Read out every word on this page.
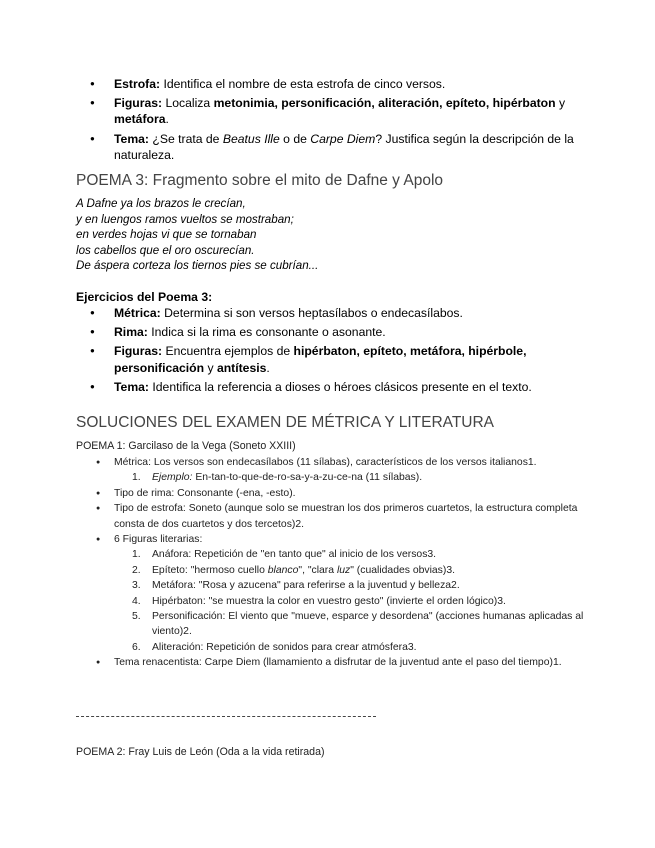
● Estrofa: Identifica el nombre de esta estrofa de cinco versos.
● Figuras: Localiza metonimia, personificación, aliteración, epíteto, hipérbaton y metáfora.
● Tema: ¿Se trata de Beatus Ille o de Carpe Diem? Justifica según la descripción de la naturaleza.
POEMA 3: Fragmento sobre el mito de Dafne y Apolo
A Dafne ya los brazos le crecían,
y en luengos ramos vueltos se mostraban;
en verdes hojas vi que se tornaban
los cabellos que el oro oscurecían.
De áspera corteza los tiernos pies se cubrían...

Ejercicios del Poema 3:

● Métrica: Determina si son versos heptasílabos o endecasílabos.
● Rima: Indica si la rima es consonante o asonante.
● Figuras: Encuentra ejemplos de hipérbaton, epíteto, metáfora, hipérbole, personificación y antítesis.
● Tema: Identifica la referencia a dioses o héroes clásicos presente en el texto.
SOLUCIONES DEL EXAMEN DE MÉTRICA Y LITERATURA
POEMA 1: Garcilaso de la Vega (Soneto XXIII)
● Métrica: Los versos son endecasílabos (11 sílabas), característicos de los versos italianos1.
1. Ejemplo: En-tan-to-que-de-ro-sa-y-a-zu-ce-na (11 sílabas).
● Tipo de rima: Consonante (-ena, -esto).
● Tipo de estrofa: Soneto (aunque solo se muestran los dos primeros cuartetos, la estructura completa consta de dos cuartetos y dos tercetos)2.
● 6 Figuras literarias:
1. Anáfora: Repetición de "en tanto que" al inicio de los versos3.
2. Epíteto: "hermoso cuello blanco", "clara luz" (cualidades obvias)3.
3. Metáfora: "Rosa y azucena" para referirse a la juventud y belleza2.
4. Hipérbaton: "se muestra la color en vuestro gesto" (invierte el orden lógico)3.
5. Personificación: El viento que "mueve, esparce y desordena" (acciones humanas aplicadas al viento)2.
6. Aliteración: Repetición de sonidos para crear atmósfera3.
● Tema renacentista: Carpe Diem (llamamiento a disfrutar de la juventud ante el paso del tiempo)1.
POEMA 2: Fray Luis de León (Oda a la vida retirada)
